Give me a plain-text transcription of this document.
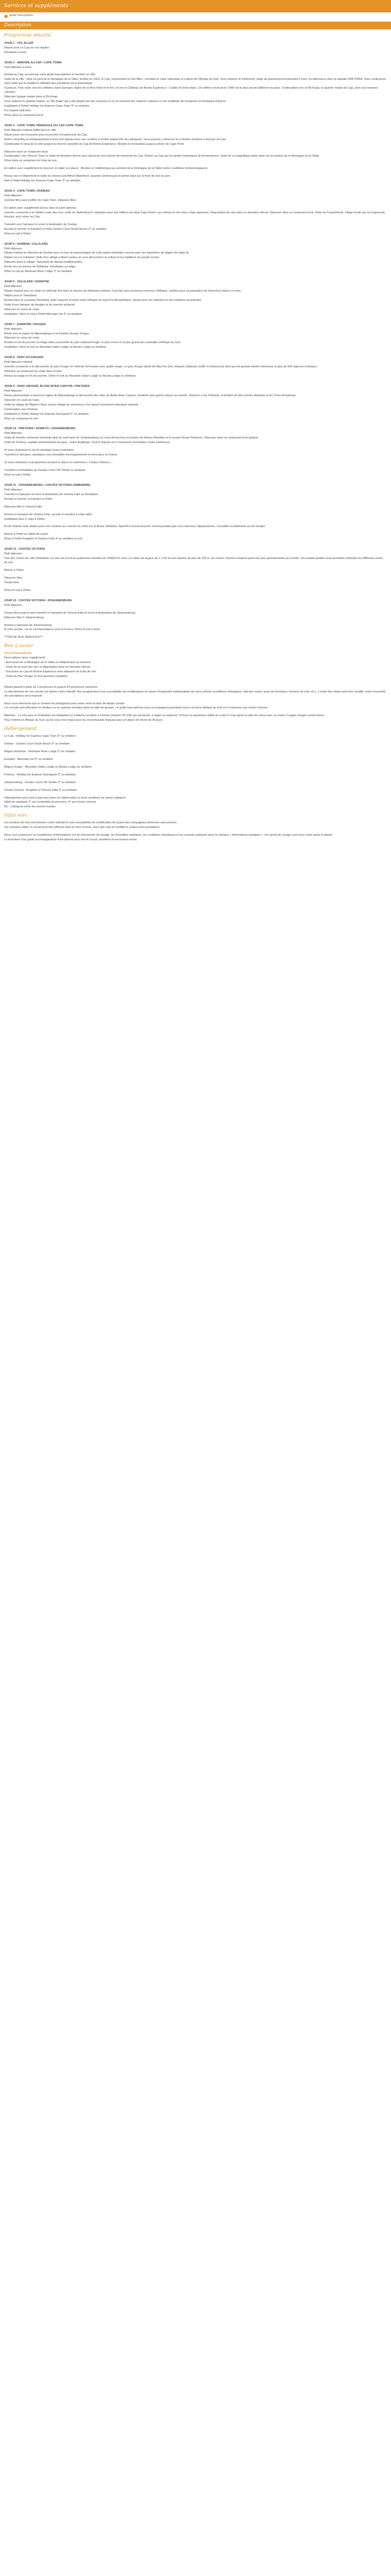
Services et suppléments
✓ guide francophone
Description
Programme détaillé

JOUR 1 : VOL ALLER

Départ pour Le Cap sur vol régulier.

Prestation à bord.

JOUR 2 : ARRIVÉE AU CAP / CAPE TOWN

Petit déjeuner à bord.

Arrivée au Cap, accueil par votre guide francophone et transfert en ville.

Visite de la ville : situé au pied de la Montagne de la Table, fondée en 1652, le Cap, surnommée la Cité Mère, constitue le cœur historique et culturel de l'Afrique du Sud. Vous visiterez le Parlement, siège du gouvernement pendant 6 mois, en alternance avec la capitale PRETORIA. Vous continuerez votre visite par la résidence officielle des présidents de la République.

Tuynhuys. Puis visite vers les célèbres Saint Georges, église de la Rive Nord et le fort, et vers le Château de Bonne Espérance - Castle of Good Hope. Cet édifice construit en 1666 est le plus ancien bâtiment du pays. Continuation vers le Bo-Kaap, le quartier malais du Cap, avec ses maisons colorées.

Déjeuner typique malais dans le Bo-Kaap.

Vous visiterez le quartier malais, ou "Bo-Kaap" qui a été peuplé par des esclaves et où se trouvent des maisons colorées et une multitude de mosquées et boutiques d'épices.

Installation à l'hôtel Holiday Inn Express Cape Town 3* ou similaire.

Fin d'après-midi libre.

Dîner dans un restaurant local.

JOUR 3 : CAPE TOWN, PÉNINSULE DU CAP-CAPE TOWN

Petit déjeuner matinal buffet bien en ville.

Départ pour une excursion pour la journée à la péninsule du Cap.

Arrêt à Hout Bay et embarquement à bord d'un bateau pour une croisière à Duiker Island (l'île aux phoques). Vous pourrez y observer les colonies d'otaries à fourrure du Cap.

Continuation le long de la côte jusqu'à la réserve naturelle du Cap de Bonne Espérance. Montée en funiculaire jusqu'au phare de Cape Point.

Déjeuner dans un restaurant local.

Continuation vers Simon's Town et visite de Boulders Beach pour découvrir une colonie de manchots du Cap. Retour au Cap par les jardins botaniques de Kirstenbosch. Visite de ce magnifique jardin situé sur les pentes de la Montagne de la Table.

Dîner dans un restaurant de fruits de mer.

En option avec supplément (à réserver et régler sur place) : Montée en téléphérique au sommet de la Montagne de la Table (selon conditions météorologiques).

Retour vers le Waterfront et visite du Victoria and Alfred Waterfront, quartier commerçant et animé situé sur le front de mer du port.

Nuit à l'hôtel Holiday Inn Express Cape Town 3* ou similaire.

JOUR 4 : CAPE TOWN / DURBAN

Petit déjeuner.

Journée libre pour profiter de Cape Town. Déjeuner libre.

En option avec supplément (inclus dans le pack options) :

Journée consacrée à la célèbre route des vins, visite de Stellenbosch, répandue pour ses édifices de style Cape Dutch, ses chênes et ses vieux chais vignerons. Dégustation de vins dans un domaine viticole. Déjeuner dans un restaurant local. Visite de Franschhoek, village fondé par les huguenots français, puis retour au Cap.

Transfert vers l'aéroport et envol à destination de Durban.

Accueil à l'arrivée et transfert à l'hôtel Garden Court South Beach 3* ou similaire.

Dîner et nuit à l'hôtel.

JOUR 5 : DURBAN / ZULULAND

Petit déjeuner.

Départ matinal en direction de Durban pour un tour de panoramique de cette station balnéaire connue pour ses kilomètres de plages de sable fin.

Départ vers le Zululand. Visite d'un village culturel zoulou où vous découvrirez la culture et les traditions du peuple zoulou.

Déjeuner dans le village. Spectacle de danses traditionnelles.

Route vers la réserve de Hluhluwe. Installation au lodge.

Dîner et nuit au Hluhluwe River Lodge 3* ou similaire.

JOUR 6 : ZULULAND / ESWATINI

Petit déjeuner.

Départ matinal pour un safari en véhicule 4x4 dans la réserve de Hluhluwe-Imfolozi, l'une des plus anciennes réserves d'Afrique, célèbre pour sa population de rhinocéros blancs et noirs.

Départ pour le Swaziland.

Arrivée dans le royaume d'Eswatini, petit royaume enclavé entre l'Afrique du Sud et le Mozambique, réputé pour son artisanat et ses traditions ancestrales.

Visite d'une fabrique de bougies et du marché artisanal.

Déjeuner en cours de route.

Installation, dîner et nuit à l'hôtel Mountain Inn 3* ou similaire.

JOUR 7 : ESWATINI / KRUGER

Petit déjeuner.

Route vers la région du Mpumalanga et la frontière du parc Kruger.

Déjeuner en cours de route.

Arrivée en fin de journée au lodge situé à proximité du parc national Kruger, le plus connu et le plus grand parc animalier d'Afrique du Sud.

Installation, dîner et nuit au Mountain Safari Lodge ou Bundu Lodge ou similaire.

JOUR 8 : PARC DU KRUGER

Petit déjeuner matinal.

Journée consacrée à la découverte du parc Kruger en véhicule 4x4 ouvert avec guide ranger. Le parc Kruger abrite les Big Five (lion, léopard, éléphant, buffle et rhinocéros) ainsi qu'une grande variété d'animaux et plus de 500 espèces d'oiseaux.

Déjeuner au restaurant du camp dans le parc.

Retour au lodge en fin de journée. Dîner et nuit au Mountain Safari Lodge ou Bundu Lodge ou similaire.

JOUR 9 : PARC KRUGER, BLYDE RIVER CANYON / PRETORIA

Petit déjeuner.

Route panoramique à travers la région du Mpumalanga et découverte des sites du Blyde River Canyon, troisième plus grand canyon au monde : Bourke's Luck Potholes, la fenêtre de Dieu (God's Window) et les Three Rondavels.

Déjeuner en cours de route.

Visite du village de Pilgrim's Rest, ancien village de chercheurs d'or classé monument historique national.

Continuation vers Pretoria.

Installation à l'hôtel Holiday Inn Express Sunnypark 3* ou similaire.

Dîner au restaurant et nuit.

JOUR 10 : PRETORIA / SOWETO / JOHANNESBURG

Petit déjeuner.

Visite de Soweto, immense township situé au sud-ouest de Johannesburg, où vous découvrirez la maison de Nelson Mandela et le musée Hector Pieterson. Déjeuner dans un restaurant local typique.

Visite de Pretoria, capitale administrative du pays : Union Buildings, Church Square et le monument Voortrekker (visite extérieure).

Si vous choisissez le circuit classique (sans extension) :

Transfert à l'aéroport, assistance aux formalités d'enregistrement et envol pour la France.

Si vous choisissez le programme incluant le séjour en extension « Chutes Victoria » :

Transfert et installation au Garden Court OR Tambo ou similaire.

Dîner et nuit à l'hôtel.

JOUR 11 : JOHANNESBURG / CHUTES VICTORIA (ZIMBABWE)

Petit déjeuner.

Transfert à l'aéroport et envol à destination de Victoria Falls au Zimbabwe.

Accueil à l'arrivée et transfert à l'hôtel.

Déjeuner libre à Victoria Falls.

Arrivée et transport de Victoria Falls, accueil et transfert à votre hôtel.

Installation pour 2 nuits à l'hôtel.

En fin d'après-midi, départ pour une croisière au coucher du soleil sur le fleuve Zambèze. Apéritif et amuse-bouche à bord pendant que vous observez hippopotames, crocodiles et éléphants sur les berges.

Retour à l'hôtel en début de soirée.

Dîner à l'hôtel Kingdom of Victoria Falls 4* ou similaire et nuit.

JOUR 12 : CHUTES VICTORIA

Petit déjeuner.

Tour des chutes du côté Zimbabwe. Ce site est inscrit au patrimoine mondial de l'UNESCO. Avec un mètre de largeur de 1,7 km et une hauteur de plus de 100 m, les chutes Victoria comptent parmi les plus spectaculaires au monde. Une balade guidée vous permettra d'admirer les différents points de vue.

Retour à l'hôtel.

Déjeuner libre.

Temps libre.

Dîner et nuit à l'hôtel.

JOUR 13 : CHUTES VICTORIA / JOHANNESBURG

Petit déjeuner.

Temps libre jusqu'à votre transfert à l'aéroport de Victoria Falls et envol à destination de Johannesburg.

Déjeuner libre à Johannesburg.

Arrivée à l'aéroport de Johannesburg.

À votre arrivée, vol en correspondance pour la France. Dîner et nuit à bord.

***FIN DE NOS SERVICES***

Bon à savoir

Circuit francophone

Pack options (avec supplément) :

- Ascension de la Montagne de la Table en téléphérique (à réserver)

- Visite de la route des vins et dégustation dans un domaine viticole

- Excursion au Cap de Bonne Espérance avec déjeuner de fruits de mer

- Visite du Parc Kruger en 4x4 (journée complète)

Départ garanti à partir de 2 personnes et jusqu'à 24 personnes maximum

Le déroulement de nos circuits est donné à titre indicatif. Nos programmes sont susceptibles de modifications en raison d'impératifs indépendants de notre volonté (conditions climatiques, état des routes, jours de fermeture, horaires de vols, etc.). L'ordre des visites peut être modifié, mais l'ensemble des prestations sera respecté.

Nous vous informons que le nombre de participants peut varier selon la date de départ choisie.

Les circuits sont effectués en minibus ou en autocar climatisé selon la taille du groupe. Le guide francophone vous accompagnera pendant tout le circuit en Afrique du Sud et à l'extension aux chutes Victoria.

Attention : Le visa pour le Zimbabwe est obligatoire et s'obtient sur place à l'arrivée (environ 30 USD par personne, à régler en espèces). Prévoir un passeport valide au moins 6 mois après la date de retour avec au moins 2 pages vierges consécutives.

Pour l'entrée en Afrique du Sud, aucun visa n'est requis pour les ressortissants français pour un séjour de moins de 90 jours.

Hébergement

Le Cap : Holiday Inn Express Cape Town 3* ou similaire

Durban : Garden Court South Beach 3* ou similaire

Région Hluhluwe : Hluhluwe River Lodge 3* ou similaire

Eswatini : Mountain Inn 3* ou similaire

Région Kruger : Mountain Safari Lodge ou Bundu Lodge ou similaire

Pretoria : Holiday Inn Express Sunnypark 3* ou similaire

Johannesburg : Garden Court OR Tambo 3* ou similaire

Chutes Victoria : Kingdom of Victoria Falls 4* ou similaire

Hébergement pour tout le parcours dans les hôtels listés ou leurs similaires de même catégorie.

Hôtel de catégorie 3* sur l'ensemble du parcours, 4* aux chutes Victoria.

NC : Catégorie selon les normes locales.

Infos voix

Les horaires de vols sont donnés à titre indicatif et sont susceptibles de modification de la part des compagnies aériennes sans préavis.

Sur certaines dates, le circuit peut être effectué dans le sens inverse, sans que cela ne modifie le contenu des prestations.

Nous vous proposons un complément d'informations sur les documents de voyage, les formalités sanitaires, les conditions climatiques et les conseils pratiques dans la rubrique « Informations pratiques ». Un carnet de voyage vous sera remis avant le départ.

La fourniture d'un guide accompagnateur francophone pour tout le circuit, transferts et excursions inclus.
